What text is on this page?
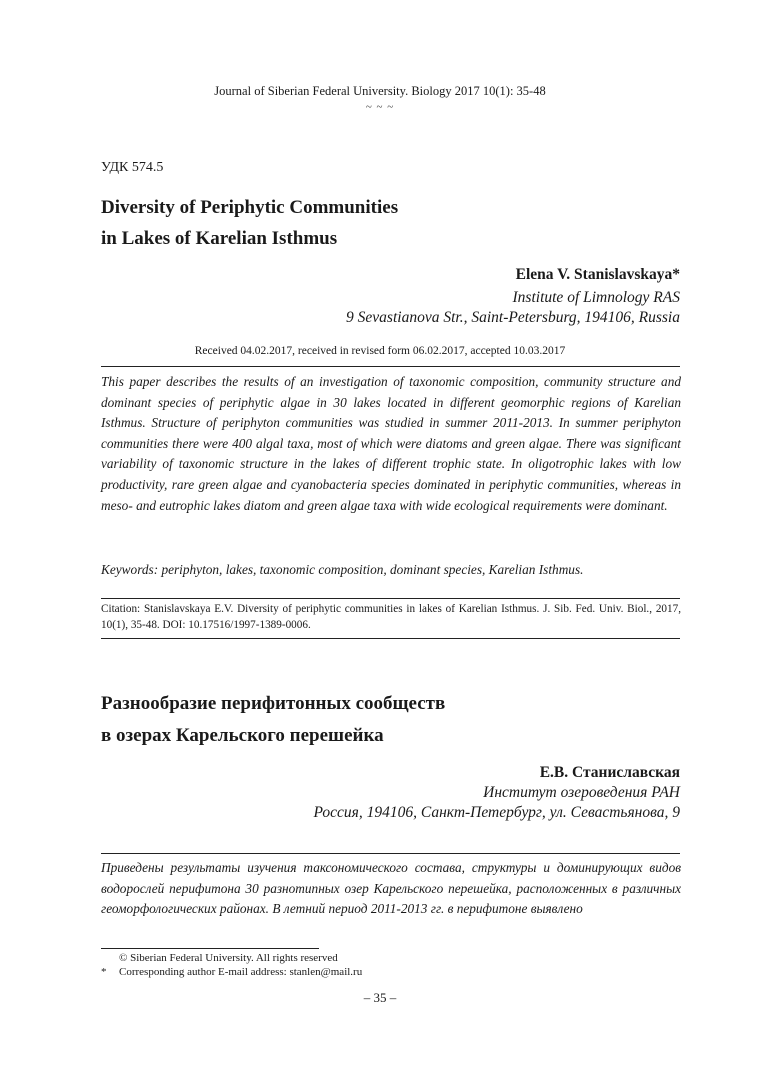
Journal of Siberian Federal University. Biology 2017 10(1): 35-48
~ ~ ~
УДК 574.5
Diversity of Periphytic Communities
in Lakes of Karelian Isthmus
Elena V. Stanislavskaya*
Institute of Limnology RAS
9 Sevastianova Str., Saint-Petersburg, 194106, Russia
Received 04.02.2017, received in revised form 06.02.2017, accepted 10.03.2017
This paper describes the results of an investigation of taxonomic composition, community structure and dominant species of periphytic algae in 30 lakes located in different geomorphic regions of Karelian Isthmus. Structure of periphyton communities was studied in summer 2011-2013. In summer periphyton communities there were 400 algal taxa, most of which were diatoms and green algae. There was significant variability of taxonomic structure in the lakes of different trophic state. In oligotrophic lakes with low productivity, rare green algae and cyanobacteria species dominated in periphytic communities, whereas in meso- and eutrophic lakes diatom and green algae taxa with wide ecological requirements were dominant.
Keywords: periphyton, lakes, taxonomic composition, dominant species, Karelian Isthmus.
Citation: Stanislavskaya E.V. Diversity of periphytic communities in lakes of Karelian Isthmus. J. Sib. Fed. Univ. Biol., 2017, 10(1), 35-48. DOI: 10.17516/1997-1389-0006.
Разнообразие перифитонных сообществ
в озерах Карельского перешейка
Е.В. Станиславская
Институт озероведения РАН
Россия, 194106, Санкт-Петербург, ул. Севастьянова, 9
Приведены результаты изучения таксономического состава, структуры и доминирующих видов водорослей перифитона 30 разнотипных озер Карельского перешейка, расположенных в различных геоморфологических районах. В летний период 2011-2013 гг. в перифитоне выявлено
© Siberian Federal University. All rights reserved
* Corresponding author E-mail address: stanlen@mail.ru
– 35 –
